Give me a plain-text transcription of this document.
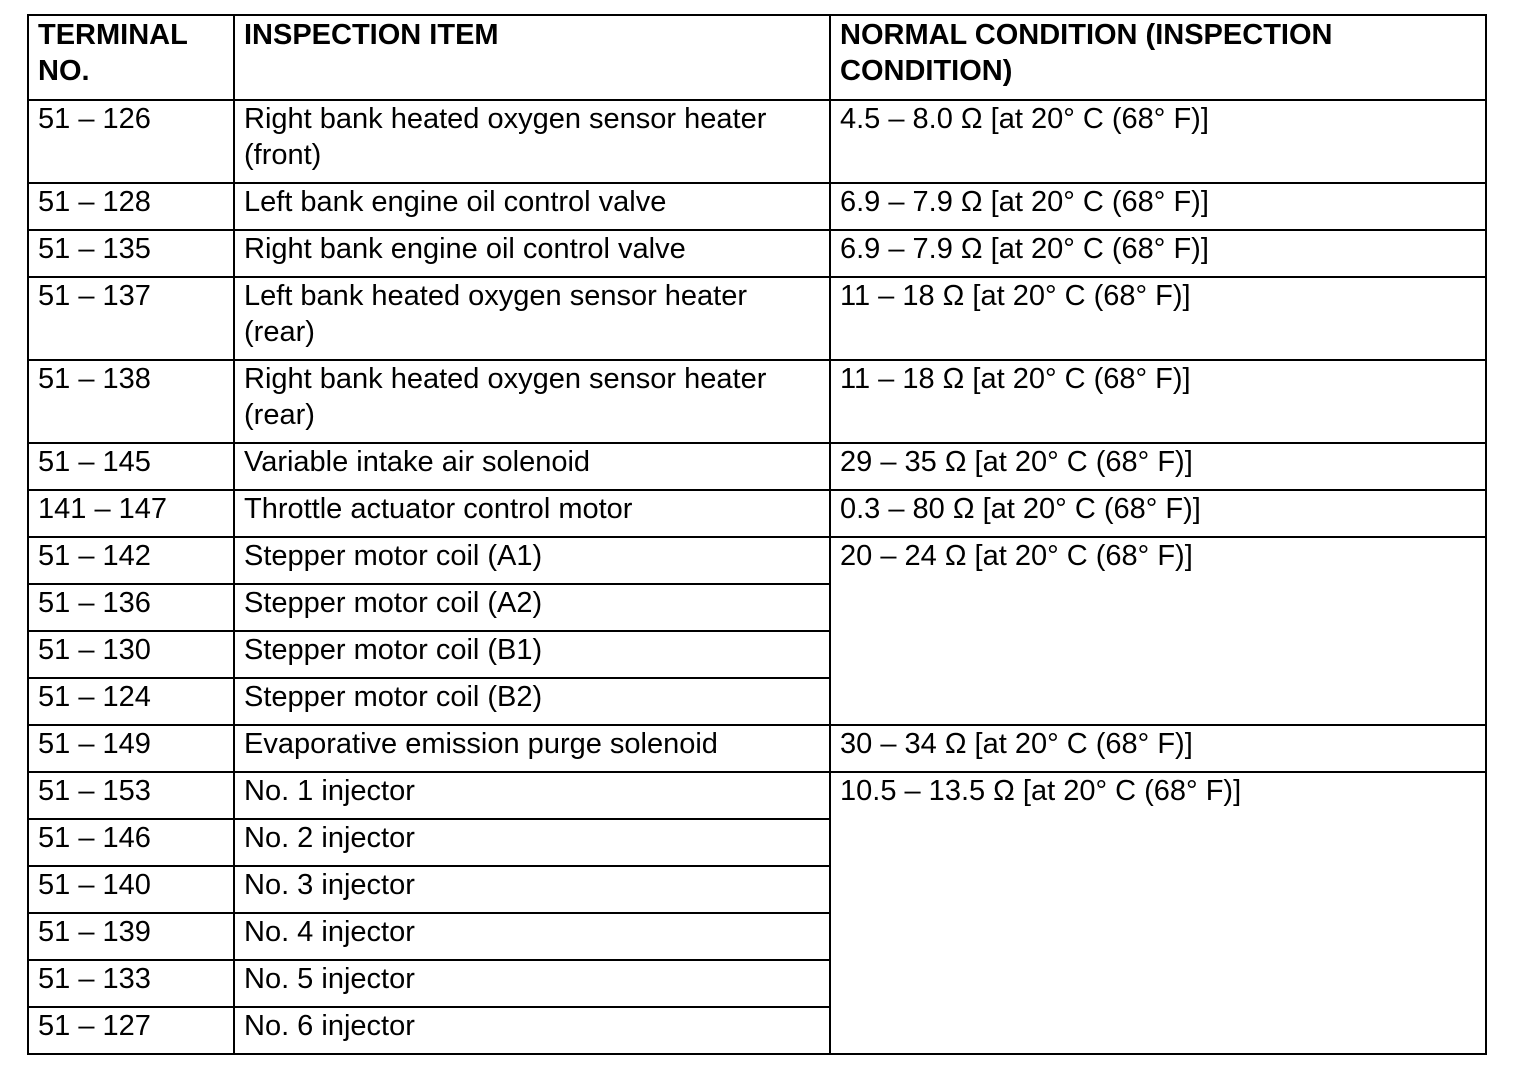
TERMINAL NO.	INSPECTION ITEM	NORMAL CONDITION (INSPECTION CONDITION)
51 – 126	Right bank heated oxygen sensor heater (front)	4.5 – 8.0 Ω [at 20° C (68° F)]
51 – 128	Left bank engine oil control valve	6.9 – 7.9 Ω [at 20° C (68° F)]
51 – 135	Right bank engine oil control valve	6.9 – 7.9 Ω [at 20° C (68° F)]
51 – 137	Left bank heated oxygen sensor heater (rear)	11 – 18 Ω [at 20° C (68° F)]
51 – 138	Right bank heated oxygen sensor heater (rear)	11 – 18 Ω [at 20° C (68° F)]
51 – 145	Variable intake air solenoid	29 – 35 Ω [at 20° C (68° F)]
141 – 147	Throttle actuator control motor	0.3 – 80 Ω [at 20° C (68° F)]
51 – 142	Stepper motor coil (A1)	20 – 24 Ω [at 20° C (68° F)]
51 – 136	Stepper motor coil (A2)	
51 – 130	Stepper motor coil (B1)	
51 – 124	Stepper motor coil (B2)	
51 – 149	Evaporative emission purge solenoid	30 – 34 Ω [at 20° C (68° F)]
51 – 153	No. 1 injector	10.5 – 13.5 Ω [at 20° C (68° F)]
51 – 146	No. 2 injector	
51 – 140	No. 3 injector	
51 – 139	No. 4 injector	
51 – 133	No. 5 injector	
51 – 127	No. 6 injector	
